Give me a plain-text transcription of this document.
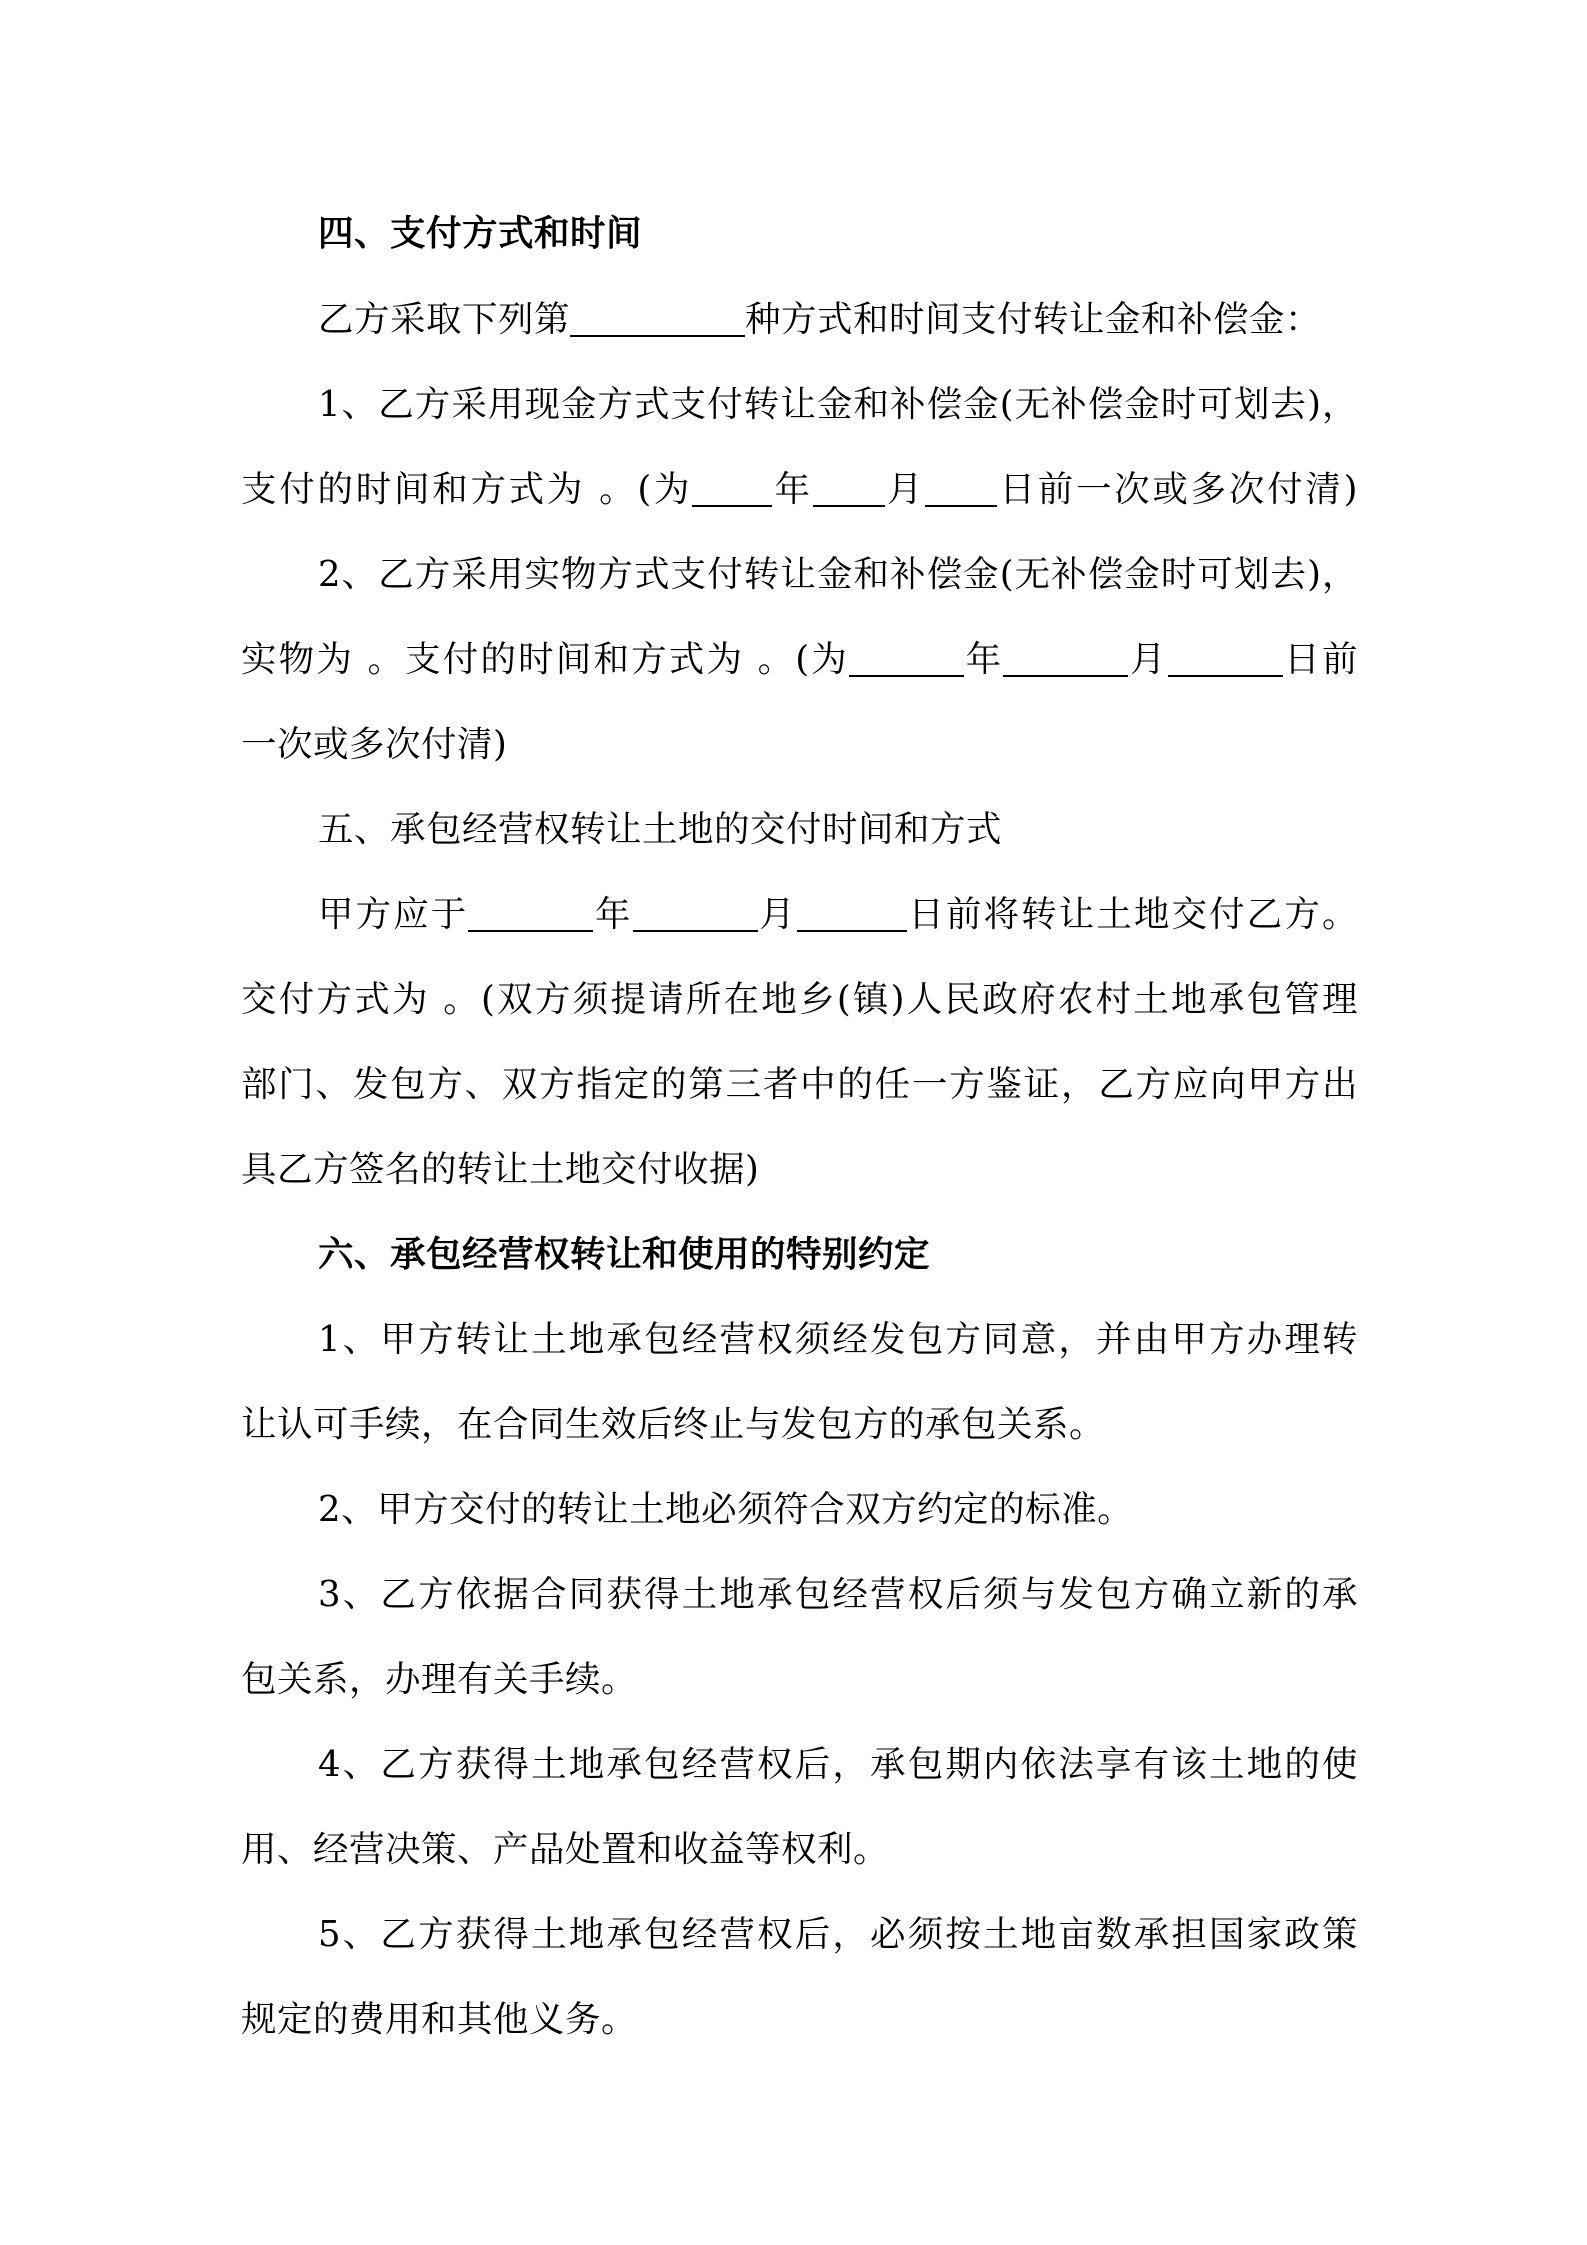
四、支付方式和时间
乙方采取下列第	种方式和时间支付转让金和补偿金：
1、乙方采用现金方式支付转让金和补偿金(无补偿金时可划去)，
支付的时间和方式为 。(为 年 月 日前一次或多次付清)
2、乙方采用实物方式支付转让金和补偿金(无补偿金时可划去)，
实物为 。支付的时间和方式为 。(为	年	月	日前
一次或多次付清)
五、承包经营权转让土地的交付时间和方式
甲方应于	年	月	日前将转让土地交付乙方。
交付方式为 。(双方须提请所在地乡(镇)人民政府农村土地承包管理
部门、发包方、双方指定的第三者中的任一方鉴证，乙方应向甲方出
具乙方签名的转让土地交付收据)
六、承包经营权转让和使用的特别约定
1、甲方转让土地承包经营权须经发包方同意，并由甲方办理转
让认可手续，在合同生效后终止与发包方的承包关系。
2、甲方交付的转让土地必须符合双方约定的标准。
3、乙方依据合同获得土地承包经营权后须与发包方确立新的承
包关系，办理有关手续。
4、乙方获得土地承包经营权后，承包期内依法享有该土地的使
用、经营决策、产品处置和收益等权利。
5、乙方获得土地承包经营权后，必须按土地亩数承担国家政策
规定的费用和其他义务。
